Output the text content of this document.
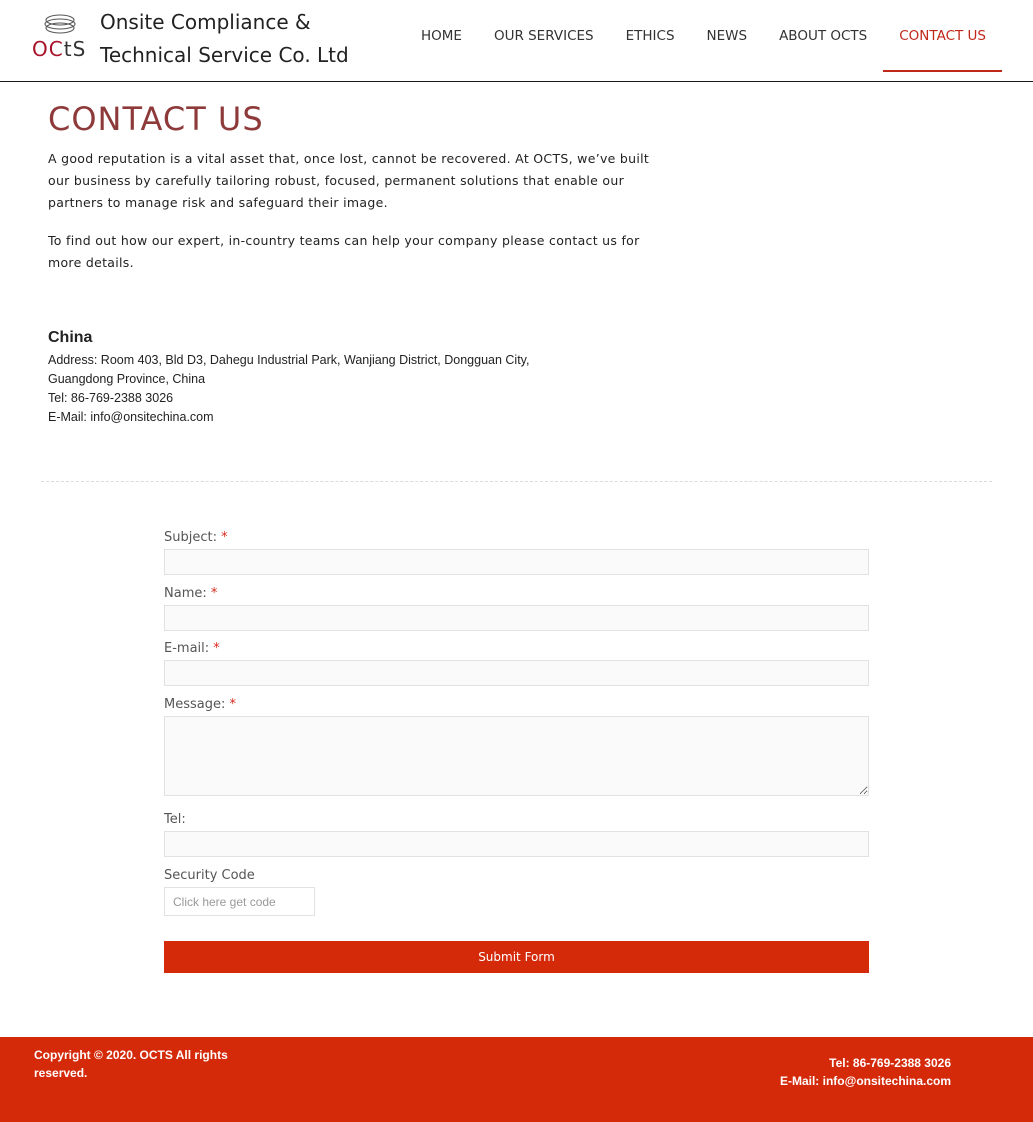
OCtS
Onsite Compliance &
Technical Service Co. Ltd
HOME	OUR SERVICES	ETHICS	NEWS	ABOUT OCTS	CONTACT US
CONTACT US

A good reputation is a vital asset that, once lost, cannot be recovered. At OCTS, we’ve built our business by carefully tailoring robust, focused, permanent solutions that enable our partners to manage risk and safeguard their image.

To find out how our expert, in-country teams can help your company please contact us for more details.

China
Address: Room 403, Bld D3, Dahegu Industrial Park, Wanjiang District, Dongguan City,
Guangdong Province, China
Tel: 86-769-2388 3026
E-Mail: info@onsitechina.com
Subject: *
Name: *
E-mail: *
Message: *
Tel:
Security Code
Click here get code
Submit Form
Copyright © 2020. OCTS All rights
reserved.
Tel: 86-769-2388 3026
E-Mail: info@onsitechina.com
